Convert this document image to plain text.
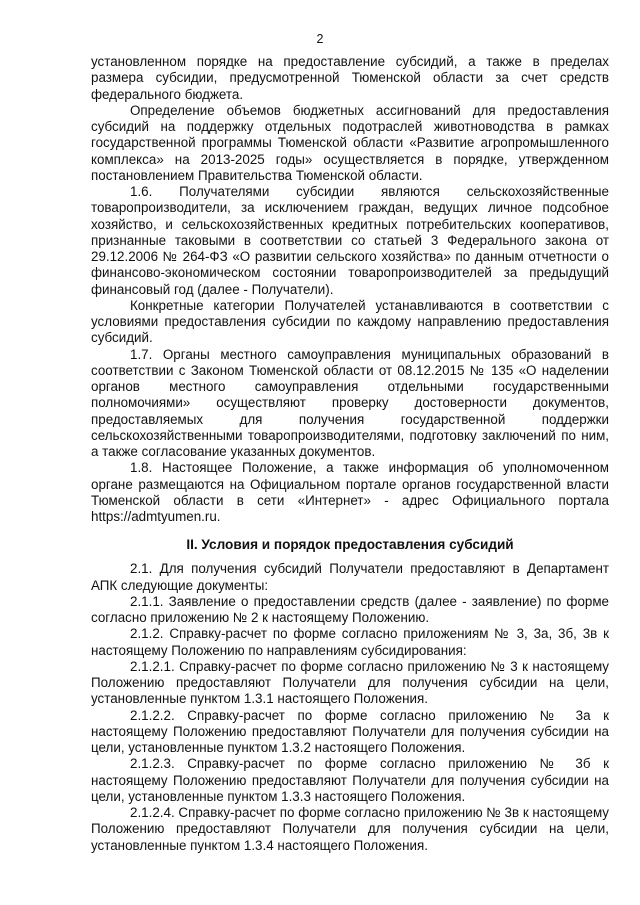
2

установленном порядке на предоставление субсидий, а также в пределах размера субсидии, предусмотренной Тюменской области за счет средств федерального бюджета.

Определение объемов бюджетных ассигнований для предоставления субсидий на поддержку отдельных подотраслей животноводства в рамках государственной программы Тюменской области «Развитие агропромышленного комплекса» на 2013-2025 годы» осуществляется в порядке, утвержденном постановлением Правительства Тюменской области.

1.6. Получателями субсидии являются сельскохозяйственные товаропроизводители, за исключением граждан, ведущих личное подсобное хозяйство, и сельскохозяйственных кредитных потребительских кооперативов, признанные таковыми в соответствии со статьей 3 Федерального закона от 29.12.2006 № 264-ФЗ «О развитии сельского хозяйства» по данным отчетности о финансово-экономическом состоянии товаропроизводителей за предыдущий финансовый год (далее - Получатели).

Конкретные категории Получателей устанавливаются в соответствии с условиями предоставления субсидии по каждому направлению предоставления субсидий.

1.7. Органы местного самоуправления муниципальных образований в соответствии с Законом Тюменской области от 08.12.2015 № 135 «О наделении органов местного самоуправления отдельными государственными полномочиями» осуществляют проверку достоверности документов, предоставляемых для получения государственной поддержки сельскохозяйственными товаропроизводителями, подготовку заключений по ним, а также согласование указанных документов.

1.8. Настоящее Положение, а также информация об уполномоченном органе размещаются на Официальном портале органов государственной власти Тюменской области в сети «Интернет» - адрес Официального портала https://admtyumen.ru.

II. Условия и порядок предоставления субсидий

2.1. Для получения субсидий Получатели предоставляют в Департамент АПК следующие документы:

2.1.1. Заявление о предоставлении средств (далее - заявление) по форме согласно приложению № 2 к настоящему Положению.

2.1.2. Справку-расчет по форме согласно приложениям № 3, 3а, 3б, 3в к настоящему Положению по направлениям субсидирования:

2.1.2.1. Справку-расчет по форме согласно приложению № 3 к настоящему Положению предоставляют Получатели для получения субсидии на цели, установленные пунктом 1.3.1 настоящего Положения.

2.1.2.2. Справку-расчет по форме согласно приложению № 3а к настоящему Положению предоставляют Получатели для получения субсидии на цели, установленные пунктом 1.3.2 настоящего Положения.

2.1.2.3. Справку-расчет по форме согласно приложению № 3б к настоящему Положению предоставляют Получатели для получения субсидии на цели, установленные пунктом 1.3.3 настоящего Положения.

2.1.2.4. Справку-расчет по форме согласно приложению № 3в к настоящему Положению предоставляют Получатели для получения субсидии на цели, установленные пунктом 1.3.4 настоящего Положения.
